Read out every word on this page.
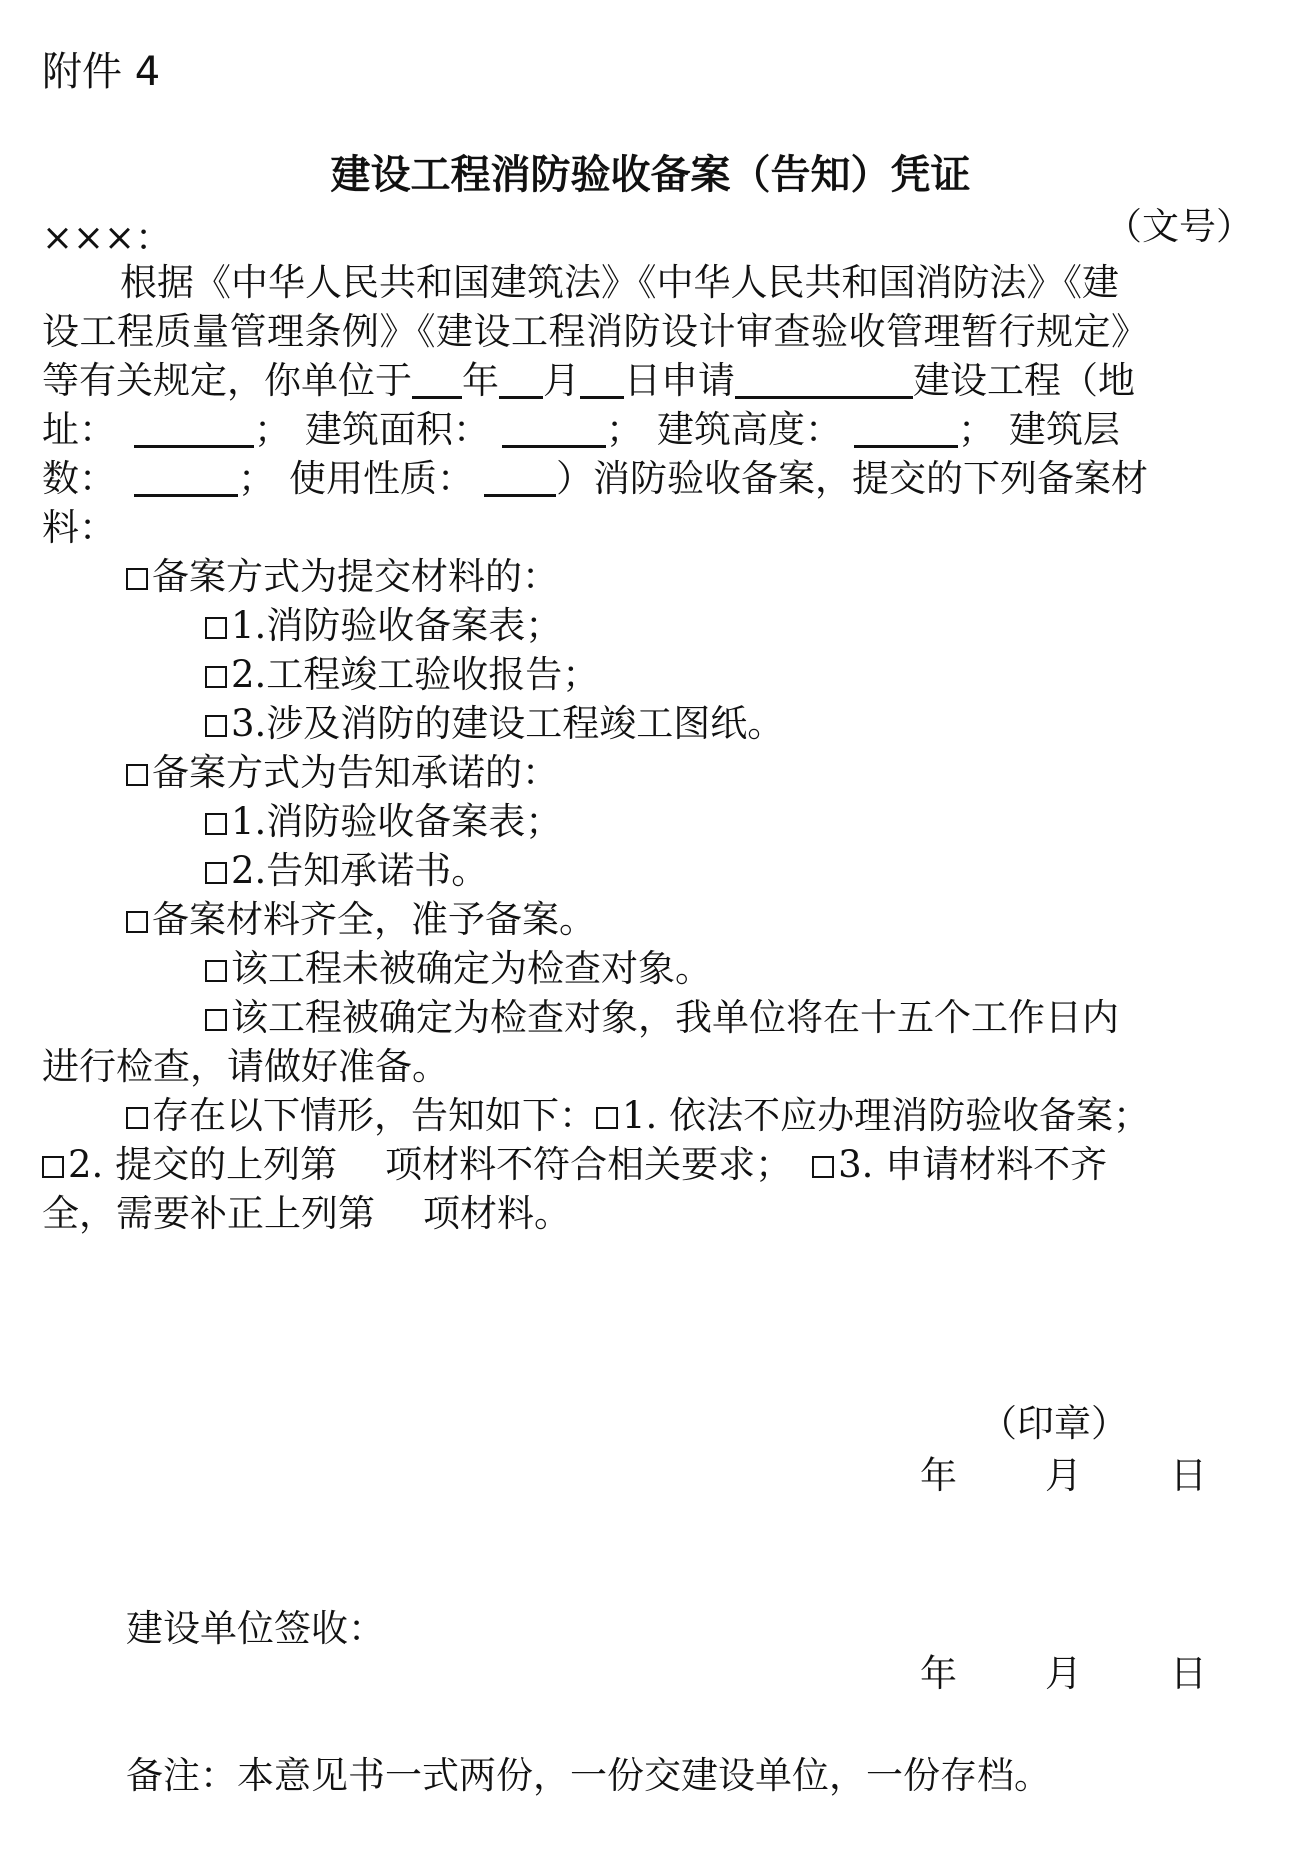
附件 4
建设工程消防验收备案（告知）凭证
（文号）
×××：
根据《中华人民共和国建筑法》《中华人民共和国消防法》《建
设工程质量管理条例》《建设工程消防设计审查验收管理暂行规定》
等有关规定，你单位于 年 月 日申请	建设工程（地
址：	； 建筑面积：	； 建筑高度：	； 建筑层
数：	； 使用性质： ）消防验收备案，提交的下列备案材
料：
备案方式为提交材料的：
1.消防验收备案表；
2.工程竣工验收报告；
3.涉及消防的建设工程竣工图纸。
备案方式为告知承诺的：
1.消防验收备案表；
2.告知承诺书。
备案材料齐全，准予备案。
该工程未被确定为检查对象。
该工程被确定为检查对象，我单位将在十五个工作日内
进行检查，请做好准备。
存在以下情形，告知如下： 1. 依法不应办理消防验收备案；
2. 提交的上列第 项材料不符合相关要求； 3. 申请材料不齐
全，需要补正上列第 项材料。
（印章）
年 月 日
建设单位签收：
年 月 日
备注：本意见书一式两份，一份交建设单位，一份存档。
